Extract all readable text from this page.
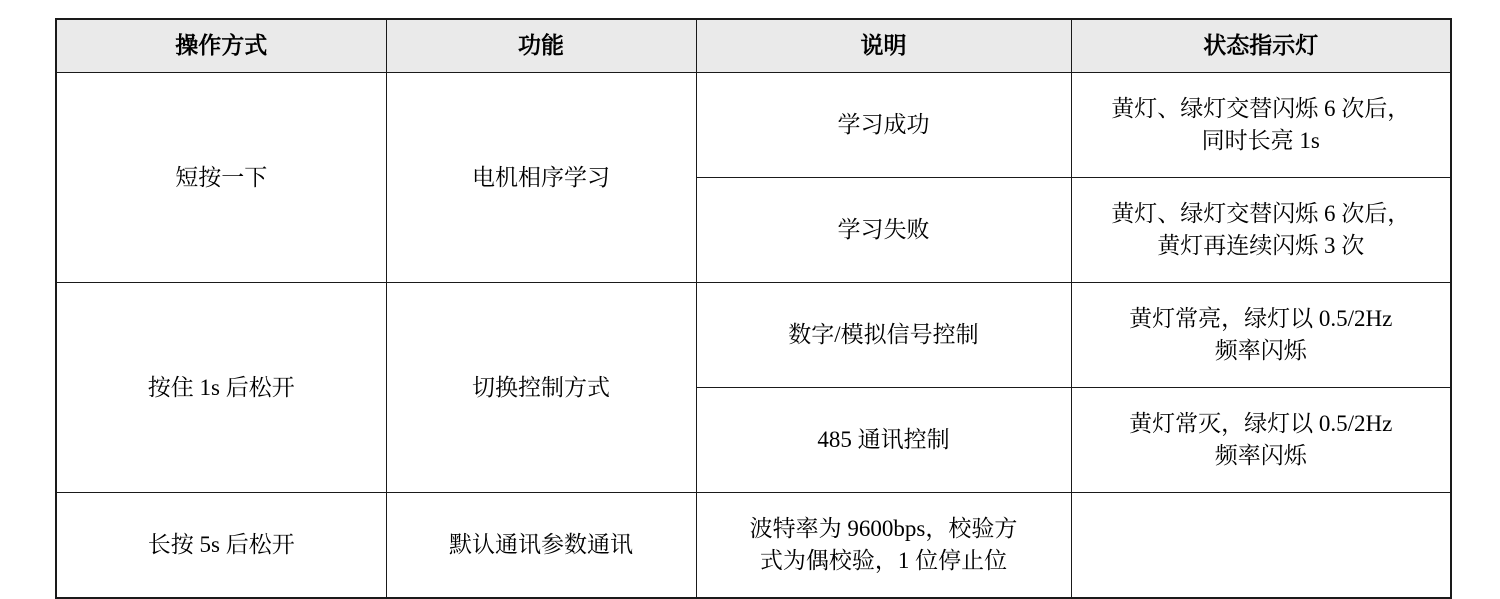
操作方式	功能	说明	状态指示灯
短按一下	电机相序学习	学习成功	黄灯、绿灯交替闪烁 6 次后，
同时长亮 1s

		学习失败	黄灯、绿灯交替闪烁 6 次后，
黄灯再连续闪烁 3 次

按住 1s 后松开	切换控制方式	数字/模拟信号控制	黄灯常亮，绿灯以 0.5/2Hz
频率闪烁

		485 通讯控制	黄灯常灭，绿灯以 0.5/2Hz
频率闪烁

长按 5s 后松开	默认通讯参数通讯	波特率为 9600bps，校验方
式为偶校验，1 位停止位	
